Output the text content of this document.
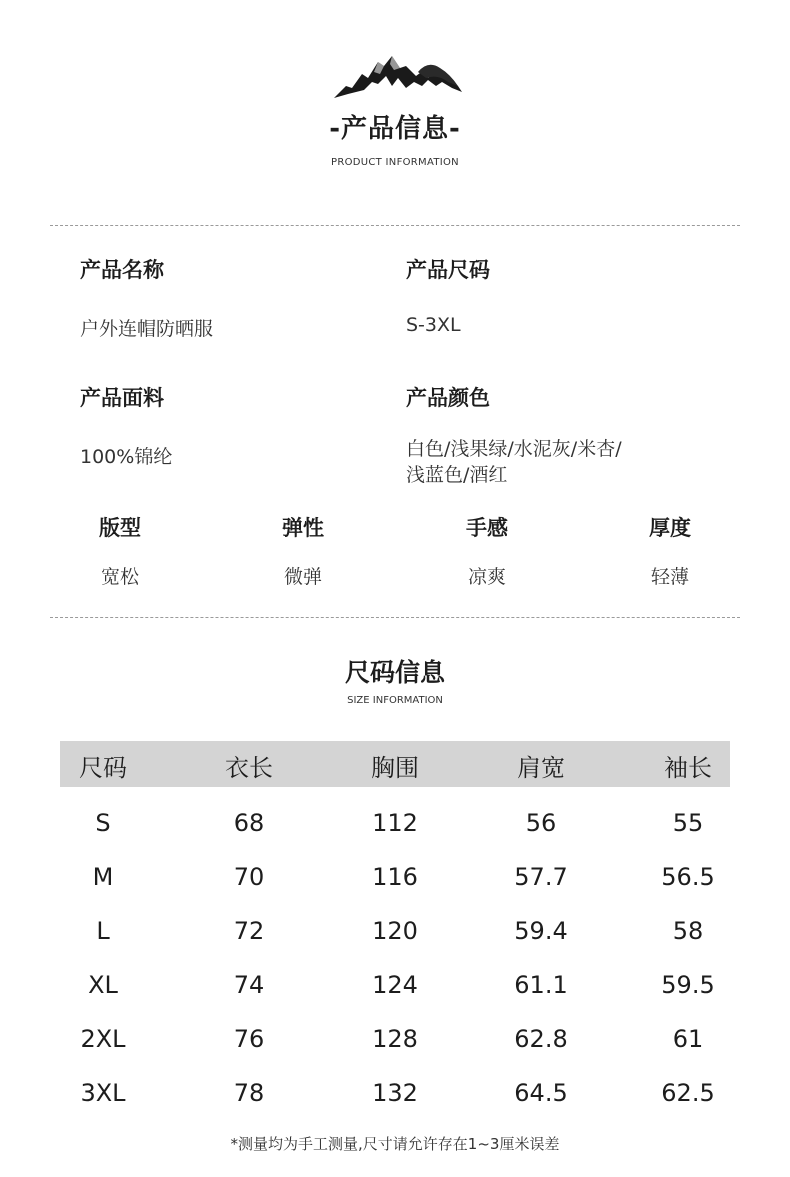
-产品信息-
PRODUCT INFORMATION
产品名称
户外连帽防晒服
产品尺码
S-3XL
产品面料
100%锦纶
产品颜色
白色/浅果绿/水泥灰/米杏/
浅蓝色/酒红
版型
宽松
弹性
微弹
手感
凉爽
厚度
轻薄
尺码信息
SIZE INFORMATION
尺码	衣长	胸围	肩宽	袖长
S	68	112	56	55
M	70	116	57.7	56.5
L	72	120	59.4	58
XL	74	124	61.1	59.5
2XL	76	128	62.8	61
3XL	78	132	64.5	62.5
*测量均为手工测量,尺寸请允许存在1~3厘米误差
